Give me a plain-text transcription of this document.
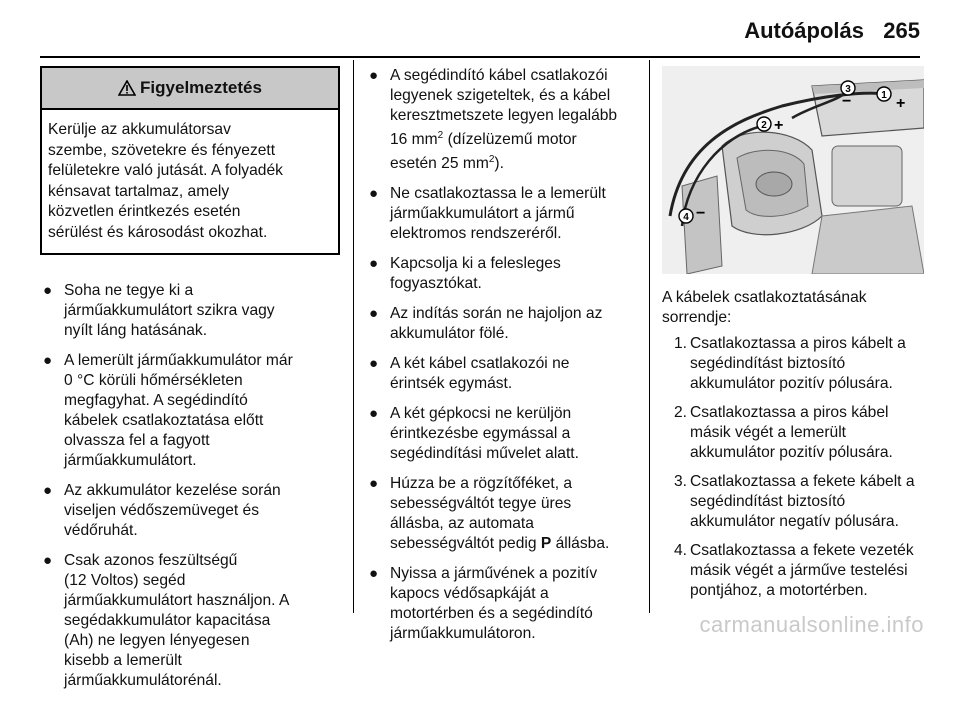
Autóápolás 265
Figyelmeztetés
Kerülje az akkumulátorsav
szembe, szövetekre és fényezett
felületekre való jutását. A folyadék
kénsavat tartalmaz, amely
közvetlen érintkezés esetén
sérülést és károsodást okozhat.
● Soha ne tegye ki a
járműakkumulátort szikra vagy
nyílt láng hatásának.
● A lemerült járműakkumulátor már
0 °C körüli hőmérsékleten
megfagyhat. A segédindító
kábelek csatlakoztatása előtt
olvassza fel a fagyott
járműakkumulátort.
● Az akkumulátor kezelése során
viseljen védőszemüveget és
védőruhát.
● Csak azonos feszültségű
(12 Voltos) segéd
járműakkumulátort használjon. A
segédakkumulátor kapacitása
(Ah) ne legyen lényegesen
kisebb a lemerült
járműakkumulátorénál.
● A segédindító kábel csatlakozói
legyenek szigeteltek, és a kábel
keresztmetszete legyen legalább
16 $mm^2$ (dízelüzemű motor
esetén 25 $mm^2$).
● Ne csatlakoztassa le a lemerült
járműakkumulátort a jármű
elektromos rendszeréről.
● Kapcsolja ki a felesleges
fogyasztókat.
● Az indítás során ne hajoljon az
akkumulátor fölé.
● A két kábel csatlakozói ne
érintsék egymást.
● A két gépkocsi ne kerüljön
érintkezésbe egymással a
segédindítási művelet alatt.
● Húzza be a rögzítőféket, a
sebességváltót tegye üres
állásba, az automata
sebességváltót pedig P állásba.
● Nyissa a járművének a pozitív
kapocs védősapkáját a
motortérben és a segédindító
járműakkumulátoron.
1 +
2 +
3
−
4 −
A kábelek csatlakoztatásának
sorrendje:
1. Csatlakoztassa a piros kábelt a
segédindítást biztosító
akkumulátor pozitív pólusára.
2. Csatlakoztassa a piros kábel
másik végét a lemerült
akkumulátor pozitív pólusára.
3. Csatlakoztassa a fekete kábelt a
segédindítást biztosító
akkumulátor negatív pólusára.
4. Csatlakoztassa a fekete vezeték
másik végét a járműve testelési
pontjához, a motortérben.
carmanualsonline.info
